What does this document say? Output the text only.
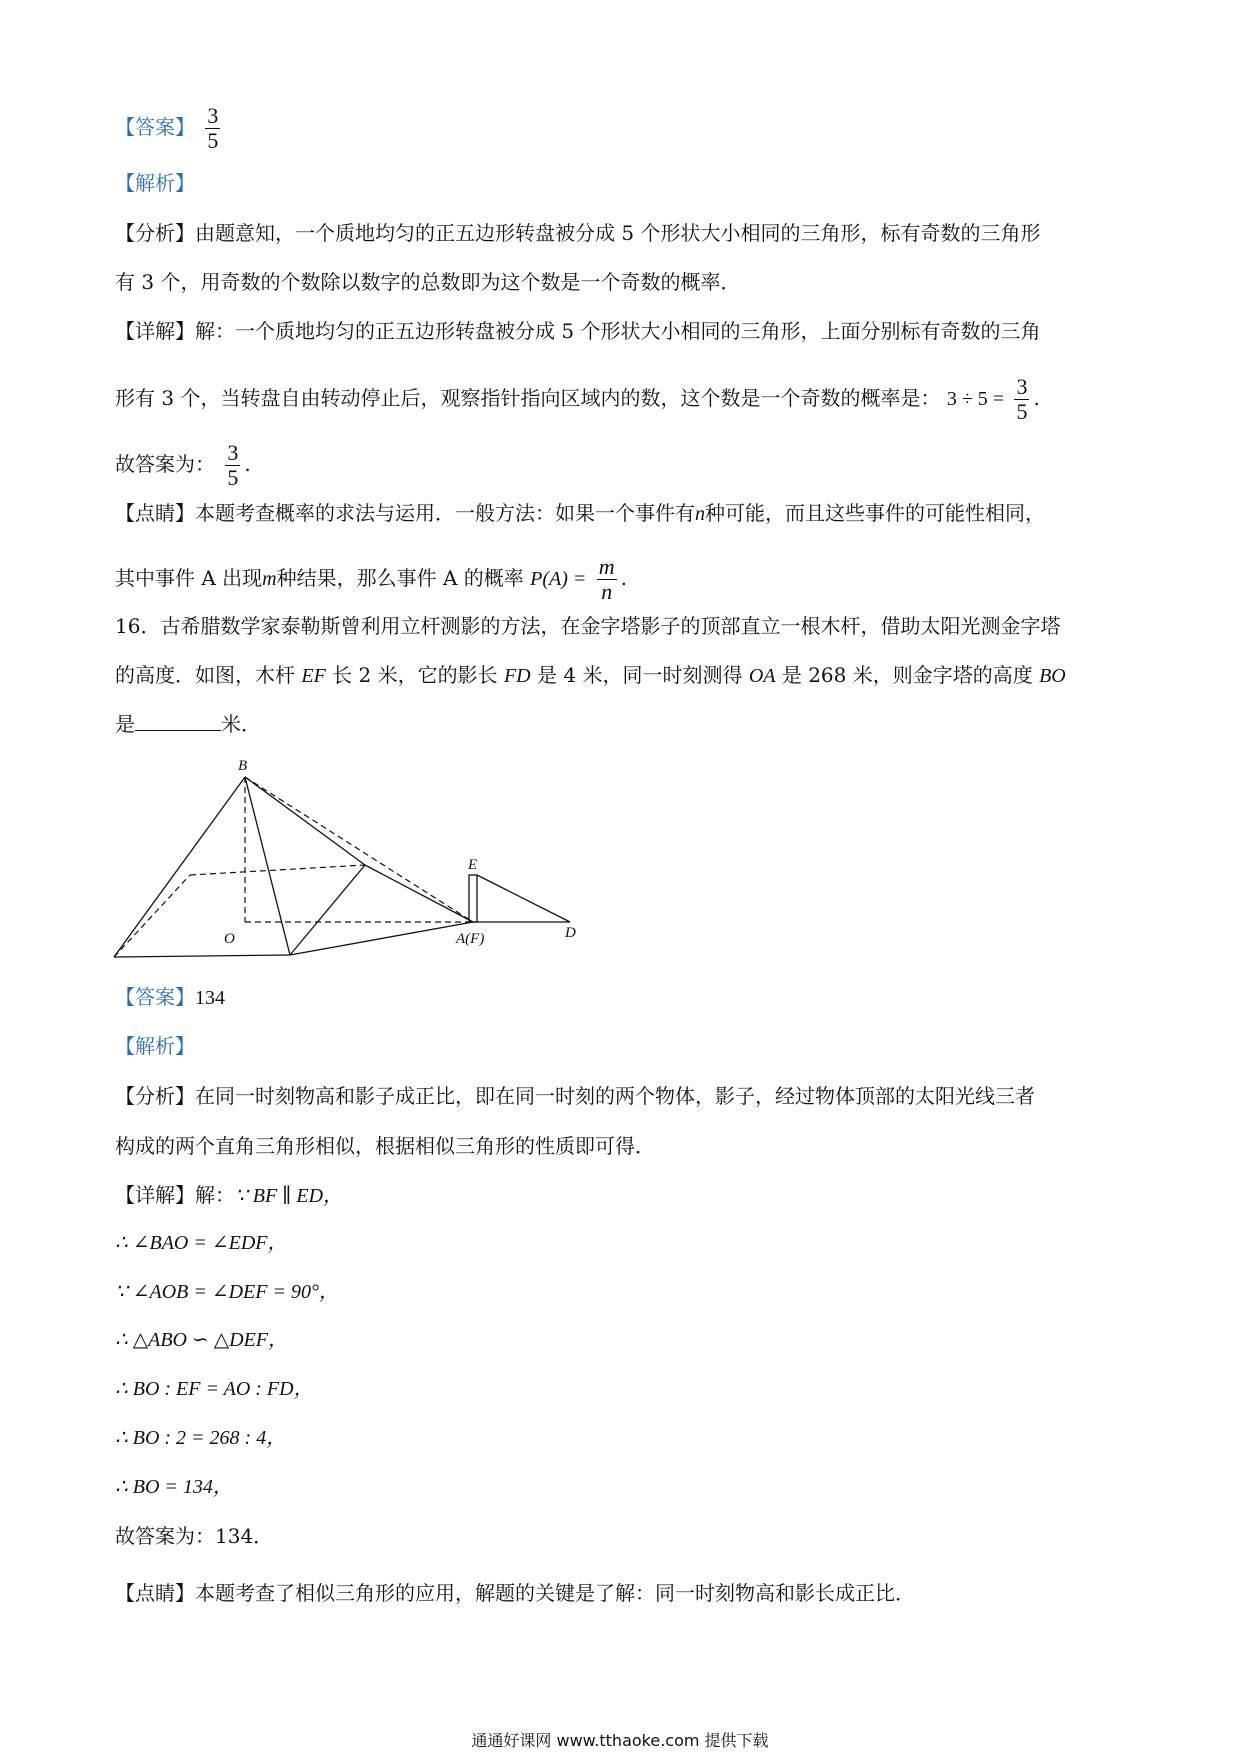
【答案】 $\frac{3}{5}$
【解析】
【分析】由题意知，一个质地均匀的正五边形转盘被分成 5 个形状大小相同的三角形，标有奇数的三角形
有 3 个，用奇数的个数除以数字的总数即为这个数是一个奇数的概率．
【详解】解：一个质地均匀的正五边形转盘被分成 5 个形状大小相同的三角形，上面分别标有奇数的三角
形有 3 个，当转盘自由转动停止后，观察指针指向区域内的数，这个数是一个奇数的概率是： $3 \div 5 = \frac{3}{5}$ .
故答案为： $\frac{3}{5}$ .
【点睛】本题考查概率的求法与运用．一般方法：如果一个事件有n种可能，而且这些事件的可能性相同，
其中事件 A 出现m种结果，那么事件 A 的概率 $P(A) = \frac{m}{n}$ .
16．古希腊数学家泰勒斯曾利用立杆测影的方法，在金字塔影子的顶部直立一根木杆，借助太阳光测金字塔
的高度．如图，木杆 EF 长 2 米，它的影长 FD 是 4 米，同一时刻测得 OA 是 268 米，则金字塔的高度 BO
是	米．
B
O
E
A(F)	D
【答案】134
【解析】
【分析】在同一时刻物高和影子成正比，即在同一时刻的两个物体，影子，经过物体顶部的太阳光线三者
构成的两个直角三角形相似，根据相似三角形的性质即可得．
【详解】解：∵ BF ∥ ED，
∴ ∠BAO = ∠EDF，
∵ ∠AOB = ∠DEF = 90°，
∴ △ABO ∽ △DEF，
∴ BO : EF = AO : FD，
∴ BO : 2 = 268 : 4，
∴ BO = 134，
故答案为：134．
【点睛】本题考查了相似三角形的应用，解题的关键是了解：同一时刻物高和影长成正比．
通通好课网 www.tthaoke.com 提供下载
